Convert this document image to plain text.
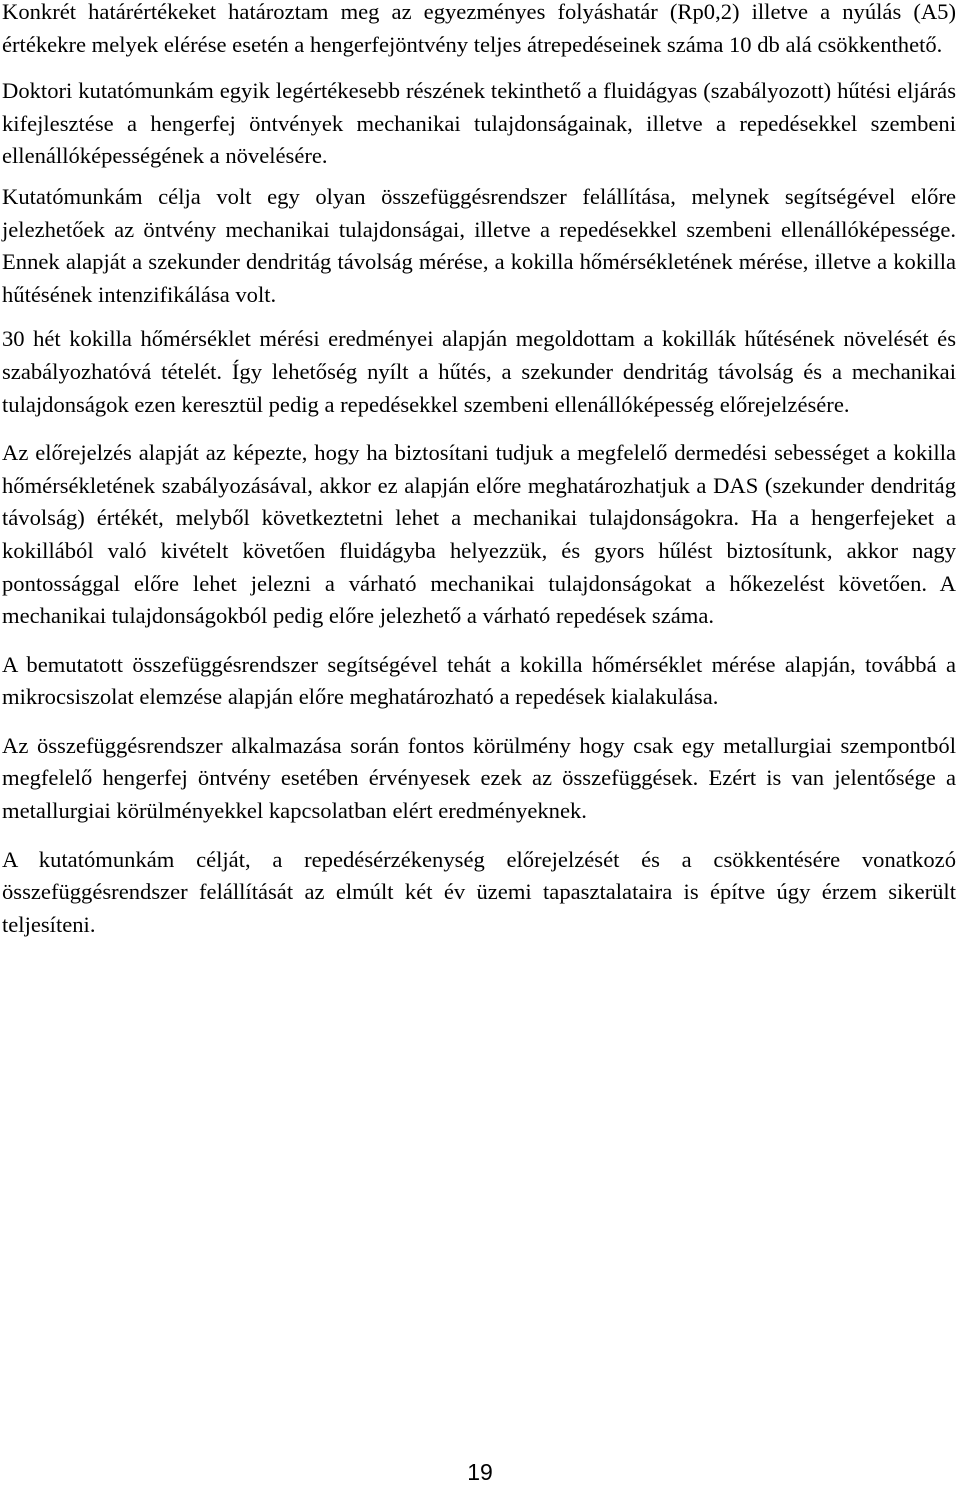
Konkrét határértékeket határoztam meg az egyezményes folyáshatár (Rp0,2) illetve a nyúlás (A5) értékekre melyek elérése esetén a hengerfejöntvény teljes átrepedéseinek száma 10 db alá csökkenthető.

Doktori kutatómunkám egyik legértékesebb részének tekinthető a fluidágyas (szabályozott) hűtési eljárás kifejlesztése a hengerfej öntvények mechanikai tulajdonságainak, illetve a repedésekkel szembeni ellenállóképességének a növelésére.

Kutatómunkám célja volt egy olyan összefüggésrendszer felállítása, melynek segítségével előre jelezhetőek az öntvény mechanikai tulajdonságai, illetve a repedésekkel szembeni ellenállóképessége. Ennek alapját a szekunder dendritág távolság mérése, a kokilla hőmérsékletének mérése, illetve a kokilla hűtésének intenzifikálása volt.

30 hét kokilla hőmérséklet mérési eredményei alapján megoldottam a kokillák hűtésének növelését és szabályozhatóvá tételét. Így lehetőség nyílt a hűtés, a szekunder dendritág távolság és a mechanikai tulajdonságok ezen keresztül pedig a repedésekkel szembeni ellenállóképesség előrejelzésére.

Az előrejelzés alapját az képezte, hogy ha biztosítani tudjuk a megfelelő dermedési sebességet a kokilla hőmérsékletének szabályozásával, akkor ez alapján előre meghatározhatjuk a DAS (szekunder dendritág távolság) értékét, melyből következtetni lehet a mechanikai tulajdonságokra. Ha a hengerfejeket a kokillából való kivételt követően fluidágyba helyezzük, és gyors hűlést biztosítunk, akkor nagy pontossággal előre lehet jelezni a várható mechanikai tulajdonságokat a hőkezelést követően. A mechanikai tulajdonságokból pedig előre jelezhető a várható repedések száma.

A bemutatott összefüggésrendszer segítségével tehát a kokilla hőmérséklet mérése alapján, továbbá a mikrocsiszolat elemzése alapján előre meghatározható a repedések kialakulása.

Az összefüggésrendszer alkalmazása során fontos körülmény hogy csak egy metallurgiai szempontból megfelelő hengerfej öntvény esetében érvényesek ezek az összefüggések. Ezért is van jelentősége a metallurgiai körülményekkel kapcsolatban elért eredményeknek.

A kutatómunkám célját, a repedésérzékenység előrejelzését és a csökkentésére vonatkozó összefüggésrendszer felállítását az elmúlt két év üzemi tapasztalataira is építve úgy érzem sikerült teljesíteni.

19
